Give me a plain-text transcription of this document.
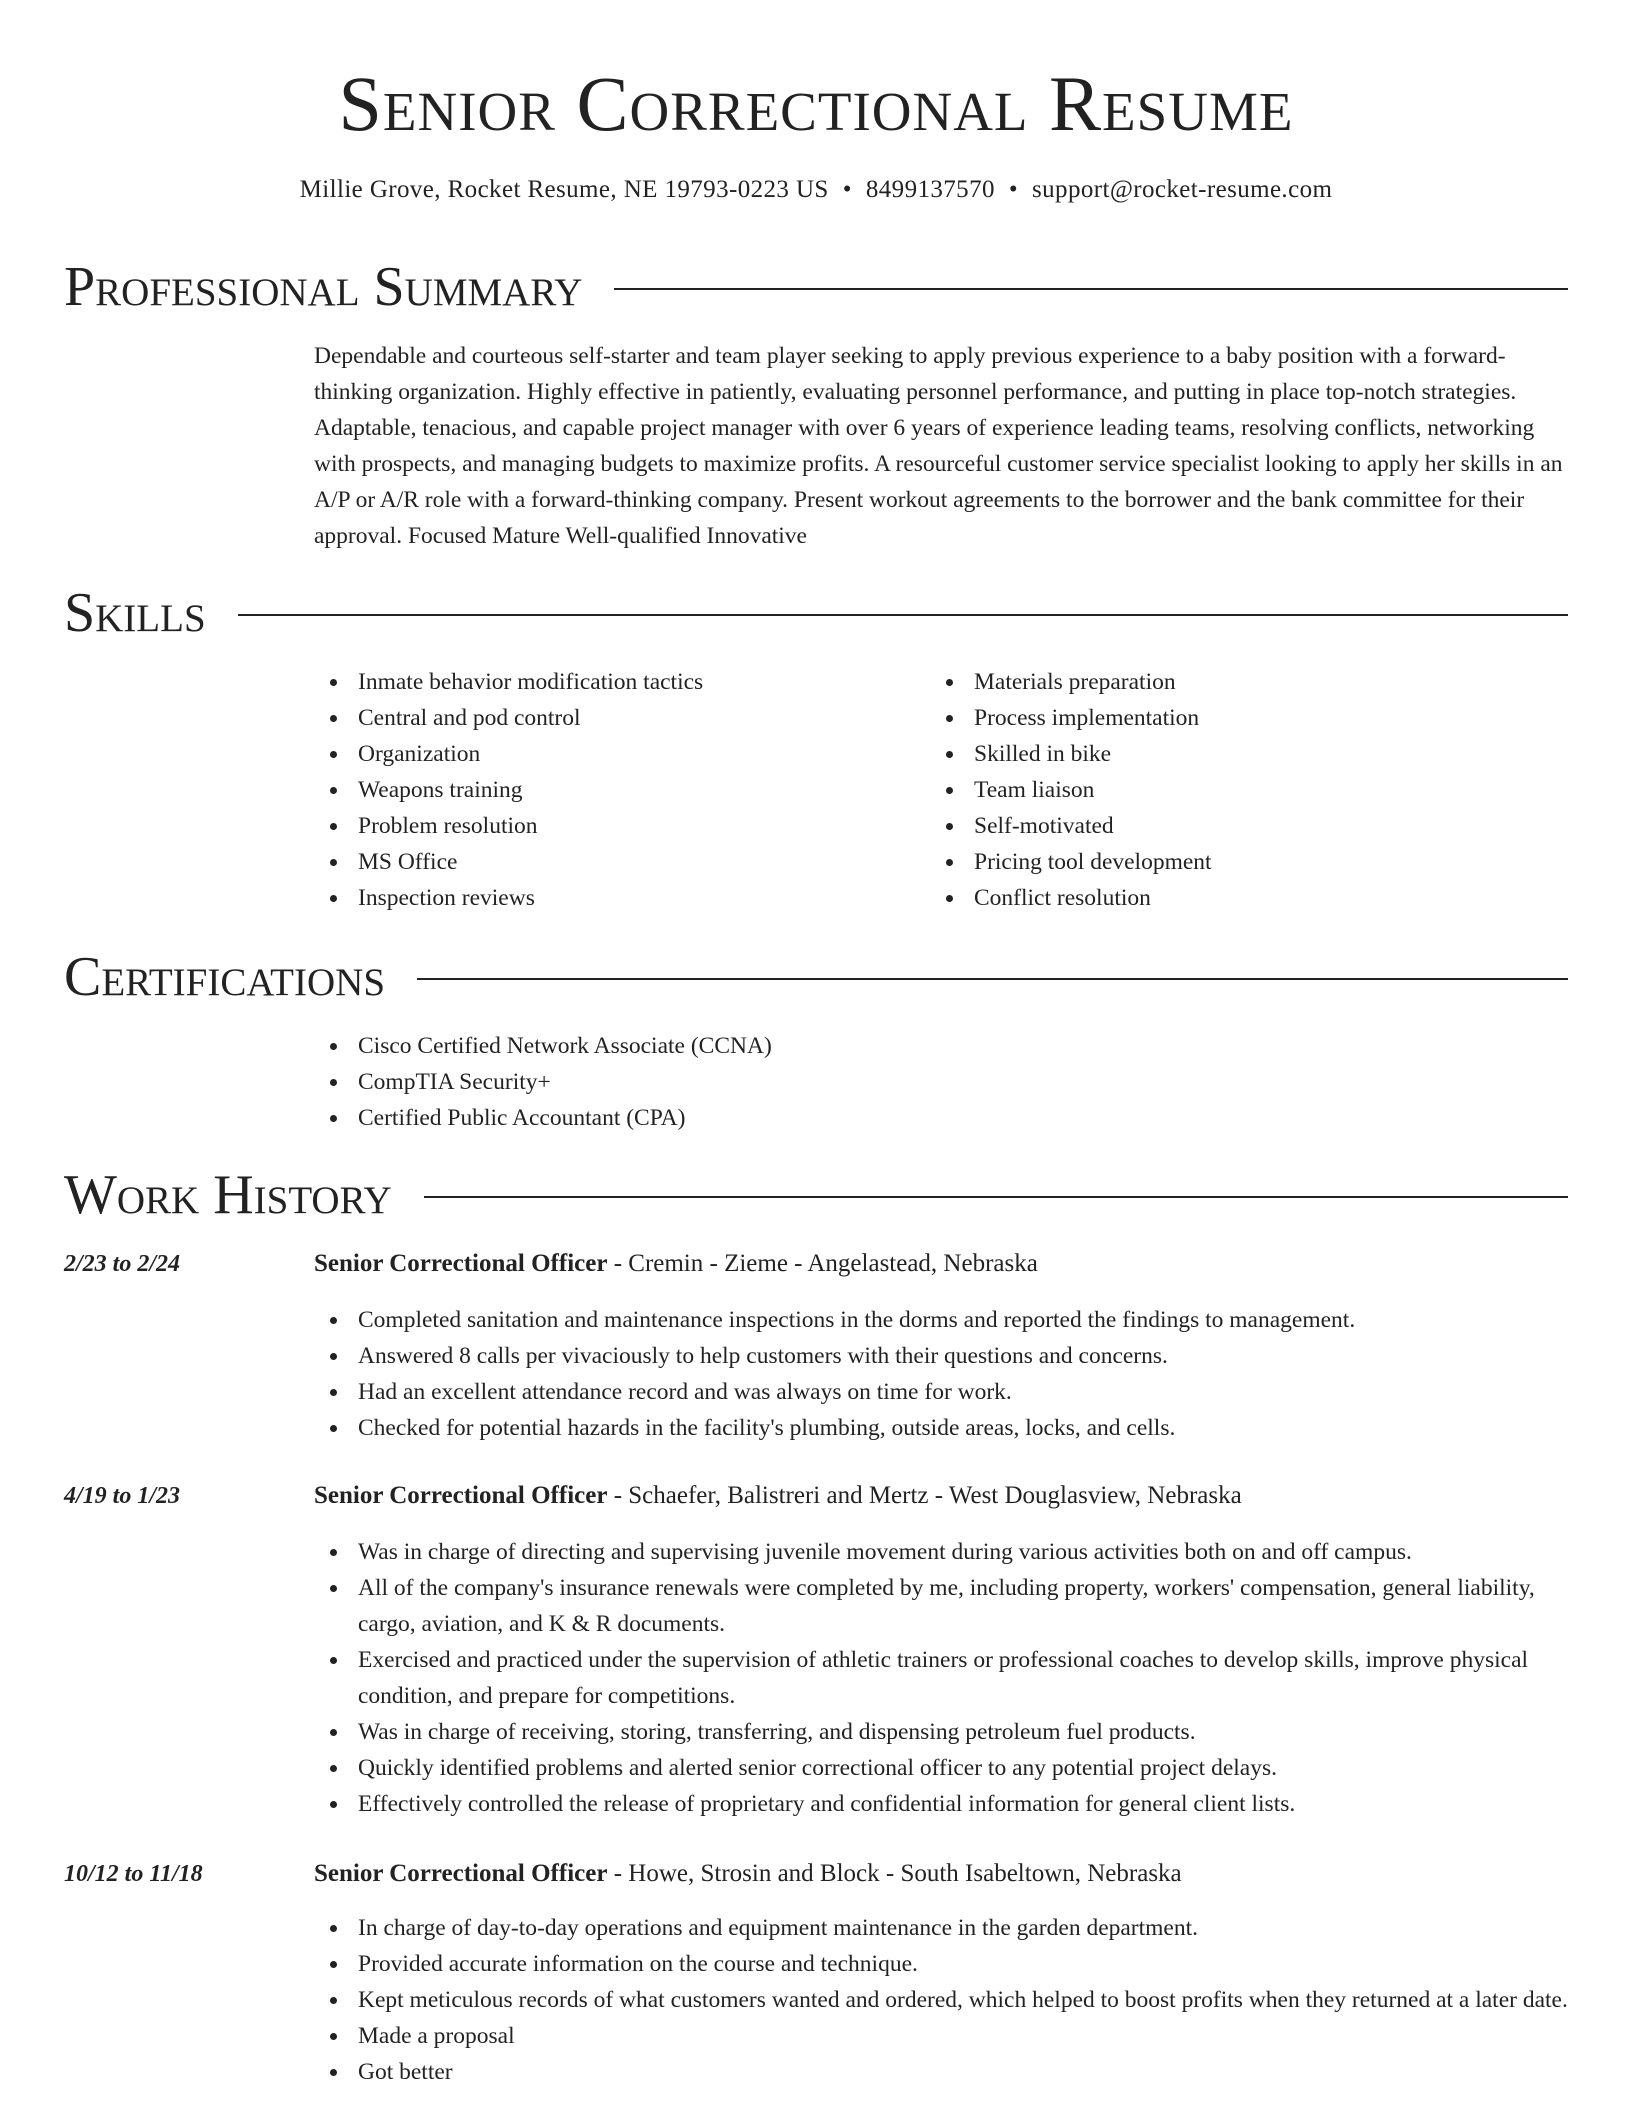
Senior Correctional Resume
Millie Grove, Rocket Resume, NE 19793-0223 US • 8499137570 • support@rocket-resume.com
Professional Summary

Dependable and courteous self-starter and team player seeking to apply previous experience to a baby position with a forward-thinking organization. Highly effective in patiently, evaluating personnel performance, and putting in place top-notch strategies. Adaptable, tenacious, and capable project manager with over 6 years of experience leading teams, resolving conflicts, networking with prospects, and managing budgets to maximize profits. A resourceful customer service specialist looking to apply her skills in an A/P or A/R role with a forward-thinking company. Present workout agreements to the borrower and the bank committee for their approval. Focused Mature Well-qualified Innovative

Skills
Inmate behavior modification tactics
Central and pod control
Organization
Weapons training
Problem resolution
MS Office
Inspection reviews
Materials preparation
Process implementation
Skilled in bike
Team liaison
Self-motivated
Pricing tool development
Conflict resolution
Certifications
Cisco Certified Network Associate (CCNA)
CompTIA Security+
Certified Public Accountant (CPA)
Work History
2/23 to 2/24	Senior Correctional Officer - Cremin - Zieme - Angelastead, Nebraska
Completed sanitation and maintenance inspections in the dorms and reported the findings to management.
Answered 8 calls per vivaciously to help customers with their questions and concerns.
Had an excellent attendance record and was always on time for work.
Checked for potential hazards in the facility's plumbing, outside areas, locks, and cells.
4/19 to 1/23	Senior Correctional Officer - Schaefer, Balistreri and Mertz - West Douglasview, Nebraska
Was in charge of directing and supervising juvenile movement during various activities both on and off campus.
All of the company's insurance renewals were completed by me, including property, workers' compensation, general liability, cargo, aviation, and K & R documents.
Exercised and practiced under the supervision of athletic trainers or professional coaches to develop skills, improve physical condition, and prepare for competitions.
Was in charge of receiving, storing, transferring, and dispensing petroleum fuel products.
Quickly identified problems and alerted senior correctional officer to any potential project delays.
Effectively controlled the release of proprietary and confidential information for general client lists.
10/12 to 11/18	Senior Correctional Officer - Howe, Strosin and Block - South Isabeltown, Nebraska
In charge of day-to-day operations and equipment maintenance in the garden department.
Provided accurate information on the course and technique.
Kept meticulous records of what customers wanted and ordered, which helped to boost profits when they returned at a later date.
Made a proposal
Got better
